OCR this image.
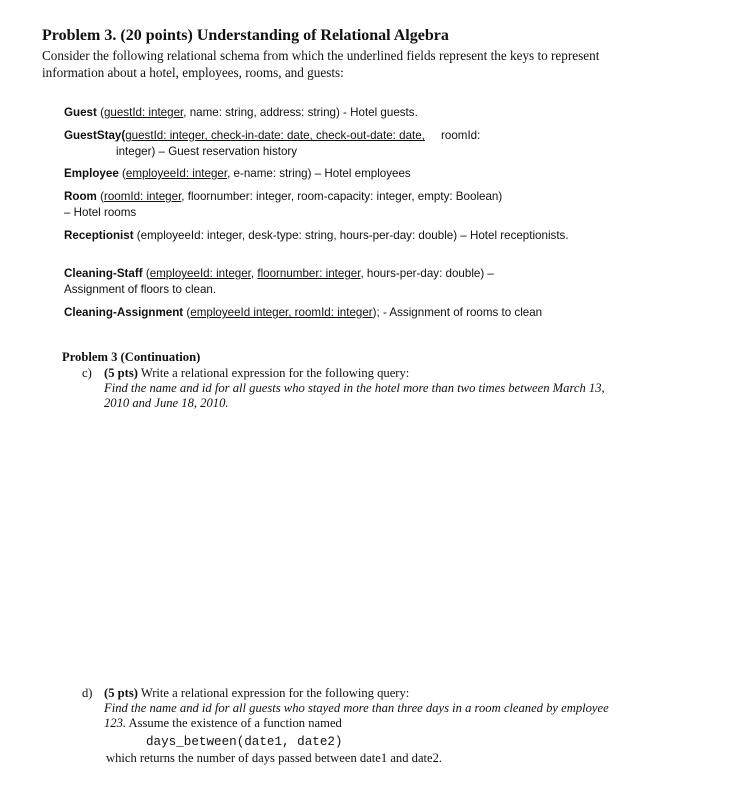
Problem 3. (20 points) Understanding of Relational Algebra
Consider the following relational schema from which the underlined fields represent the keys to represent information about a hotel, employees, rooms, and guests:
Guest (guestId: integer, name: string, address: string) - Hotel guests.
GuestStay(guestId: integer, check-in-date: date, check-out-date: date,     roomId:
integer) – Guest reservation history
Employee (employeeId: integer, e-name: string) – Hotel employees
Room (roomId: integer, floornumber: integer, room-capacity: integer, empty: Boolean)
– Hotel rooms
Receptionist (employeeId: integer, desk-type: string, hours-per-day: double) – Hotel receptionists.
Cleaning-Staff (employeeId: integer, floornumber: integer, hours-per-day: double) –
Assignment of floors to clean.
Cleaning-Assignment (employeeId integer, roomId: integer); - Assignment of rooms to clean
Problem 3 (Continuation)
c) (5 pts) Write a relational expression for the following query:
Find the name and id for all guests who stayed in the hotel more than two times between March 13, 2010 and June 18, 2010.
d) (5 pts) Write a relational expression for the following query:
Find the name and id for all guests who stayed more than three days in a room cleaned by employee 123. Assume the existence of a function named
days_between(date1, date2)
which returns the number of days passed between date1 and date2.
